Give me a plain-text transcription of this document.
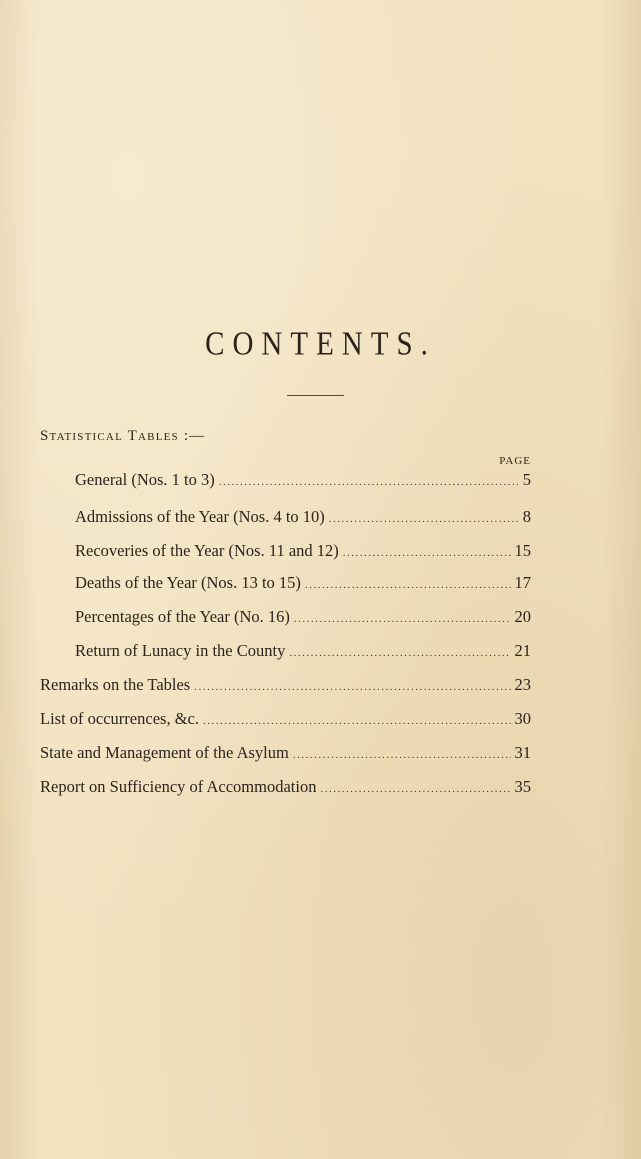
CONTENTS.
Statistical Tables :—
PAGE
General (Nos. 1 to 3) .....	5
Admissions of the Year (Nos. 4 to 10) .....	8
Recoveries of the Year (Nos. 11 and 12) .....	15
Deaths of the Year (Nos. 13 to 15) .....	17
Percentages of the Year (No. 16) .....	20
Return of Lunacy in the County .....	21
Remarks on the Tables .....	23
List of occurrences, &c. .....	30
State and Management of the Asylum .....	31
Report on Sufficiency of Accommodation .....	35
